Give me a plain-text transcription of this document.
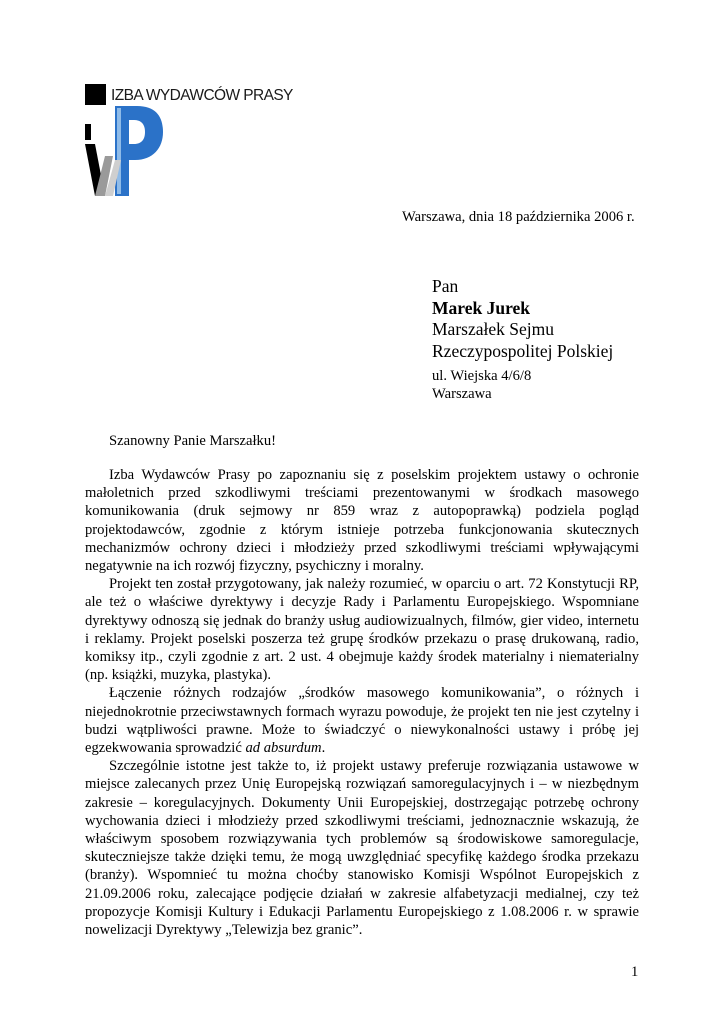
IZBA WYDAWCÓW PRASY
Warszawa, dnia 18 października 2006 r.
Pan
Marek Jurek
Marszałek Sejmu
Rzeczypospolitej Polskiej
ul. Wiejska 4/6/8
Warszawa
Szanowny Panie Marszałku!

Izba Wydawców Prasy po zapoznaniu się z poselskim projektem ustawy o ochronie małoletnich przed szkodliwymi treściami prezentowanymi w środkach masowego komunikowania (druk sejmowy nr 859 wraz z autopoprawką) podziela pogląd projektodawców, zgodnie z którym istnieje potrzeba funkcjonowania skutecznych mechanizmów ochrony dzieci i młodzieży przed szkodliwymi treściami wpływającymi negatywnie na ich rozwój fizyczny, psychiczny i moralny.

Projekt ten został przygotowany, jak należy rozumieć, w oparciu o art. 72 Konstytucji RP, ale też o właściwe dyrektywy i decyzje Rady i Parlamentu Europejskiego. Wspomniane dyrektywy odnoszą się jednak do branży usług audiowizualnych, filmów, gier video, internetu i reklamy. Projekt poselski poszerza też grupę środków przekazu o prasę drukowaną, radio, komiksy itp., czyli zgodnie z art. 2 ust. 4 obejmuje każdy środek materialny i niematerialny (np. książki, muzyka, plastyka).

Łączenie różnych rodzajów „środków masowego komunikowania”, o różnych i niejednokrotnie przeciwstawnych formach wyrazu powoduje, że projekt ten nie jest czytelny i budzi wątpliwości prawne. Może to świadczyć o niewykonalności ustawy i próbę jej egzekwowania sprowadzić ad absurdum.

Szczególnie istotne jest także to, iż projekt ustawy preferuje rozwiązania ustawowe w miejsce zalecanych przez Unię Europejską rozwiązań samoregulacyjnych i – w niezbędnym zakresie – koregulacyjnych. Dokumenty Unii Europejskiej, dostrzegając potrzebę ochrony wychowania dzieci i młodzieży przed szkodliwymi treściami, jednoznacznie wskazują, że właściwym sposobem rozwiązywania tych problemów są środowiskowe samoregulacje, skuteczniejsze także dzięki temu, że mogą uwzględniać specyfikę każdego środka przekazu (branży). Wspomnieć tu można choćby stanowisko Komisji Wspólnot Europejskich z 21.09.2006 roku, zalecające podjęcie działań w zakresie alfabetyzacji medialnej, czy też propozycje Komisji Kultury i Edukacji Parlamentu Europejskiego z 1.08.2006 r. w sprawie nowelizacji Dyrektywy „Telewizja bez granic”.

1
